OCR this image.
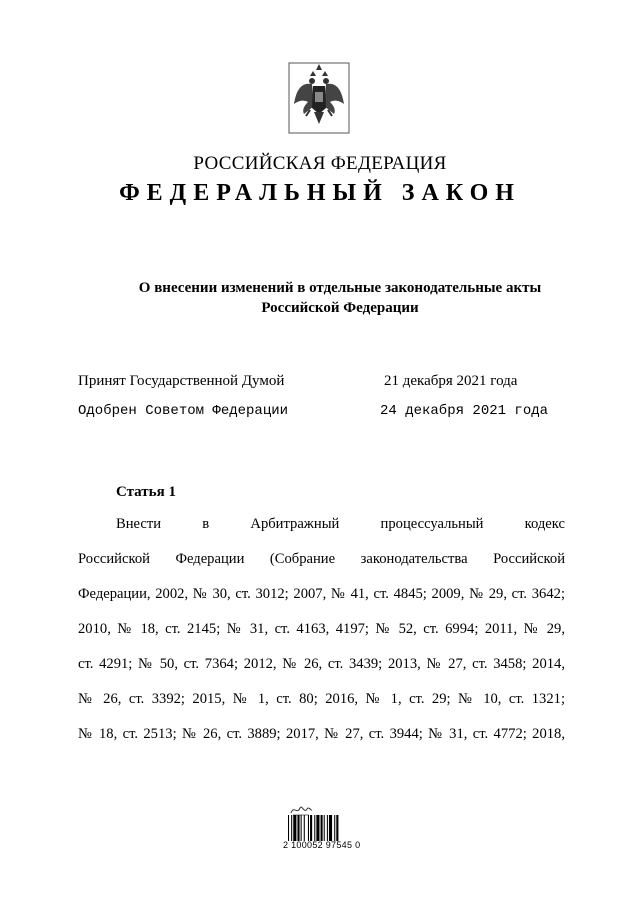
РОССИЙСКАЯ ФЕДЕРАЦИЯ
ФЕДЕРАЛЬНЫЙ ЗАКОН
О внесении изменений в отдельные законодательные акты
Российской Федерации
Принят Государственной Думой	21 декабря 2021 года
Одобрен Советом Федерации	24 декабря 2021 года
Статья 1
Внести в Арбитражный процессуальный кодекс
Российской Федерации (Собрание законодательства Российской
Федерации, 2002, № 30, ст. 3012; 2007, № 41, ст. 4845; 2009, № 29, ст. 3642;
2010, № 18, ст. 2145; № 31, ст. 4163, 4197; № 52, ст. 6994; 2011, № 29,
ст. 4291; № 50, ст. 7364; 2012, № 26, ст. 3439; 2013, № 27, ст. 3458; 2014,
№ 26, ст. 3392; 2015, № 1, ст. 80; 2016, № 1, ст. 29; № 10, ст. 1321;
№ 18, ст. 2513; № 26, ст. 3889; 2017, № 27, ст. 3944; № 31, ст. 4772; 2018,
2 100052 97545 0
